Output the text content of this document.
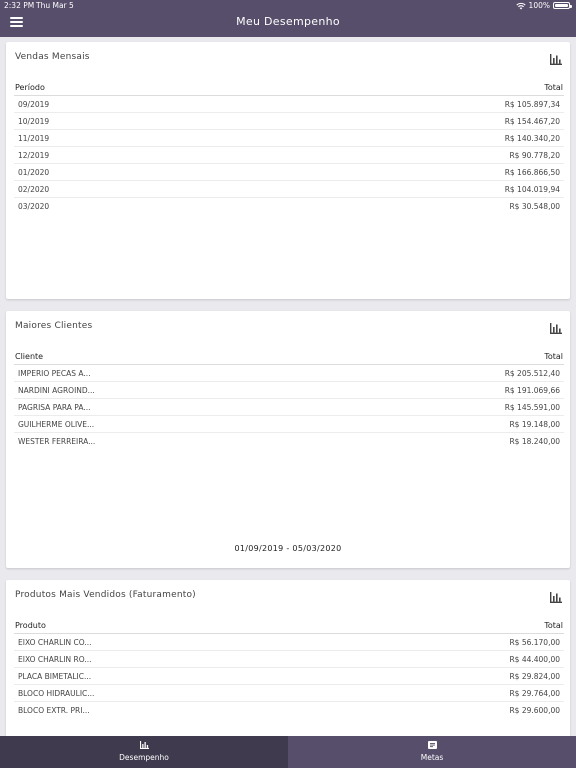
2:32 PM Thu Mar 5	100%
Meu Desempenho
Vendas Mensais
Período	Total
09/2019	R$ 105.897,34
10/2019	R$ 154.467,20
11/2019	R$ 140.340,20
12/2019	R$ 90.778,20
01/2020	R$ 166.866,50
02/2020	R$ 104.019,94
03/2020	R$ 30.548,00
Maiores Clientes
Cliente	Total
IMPERIO PECAS A...	R$ 205.512,40
NARDINI AGROIND...	R$ 191.069,66
PAGRISA PARA PA...	R$ 145.591,00
GUILHERME OLIVE...	R$ 19.148,00
WESTER FERREIRA...	R$ 18.240,00
01/09/2019 - 05/03/2020
Produtos Mais Vendidos (Faturamento)
Produto	Total
EIXO CHARLIN CO...	R$ 56.170,00
EIXO CHARLIN RO...	R$ 44.400,00
PLACA BIMETALIC...	R$ 29.824,00
BLOCO HIDRAULIC...	R$ 29.764,00
BLOCO EXTR. PRI...	R$ 29.600,00
Desempenho	Metas
